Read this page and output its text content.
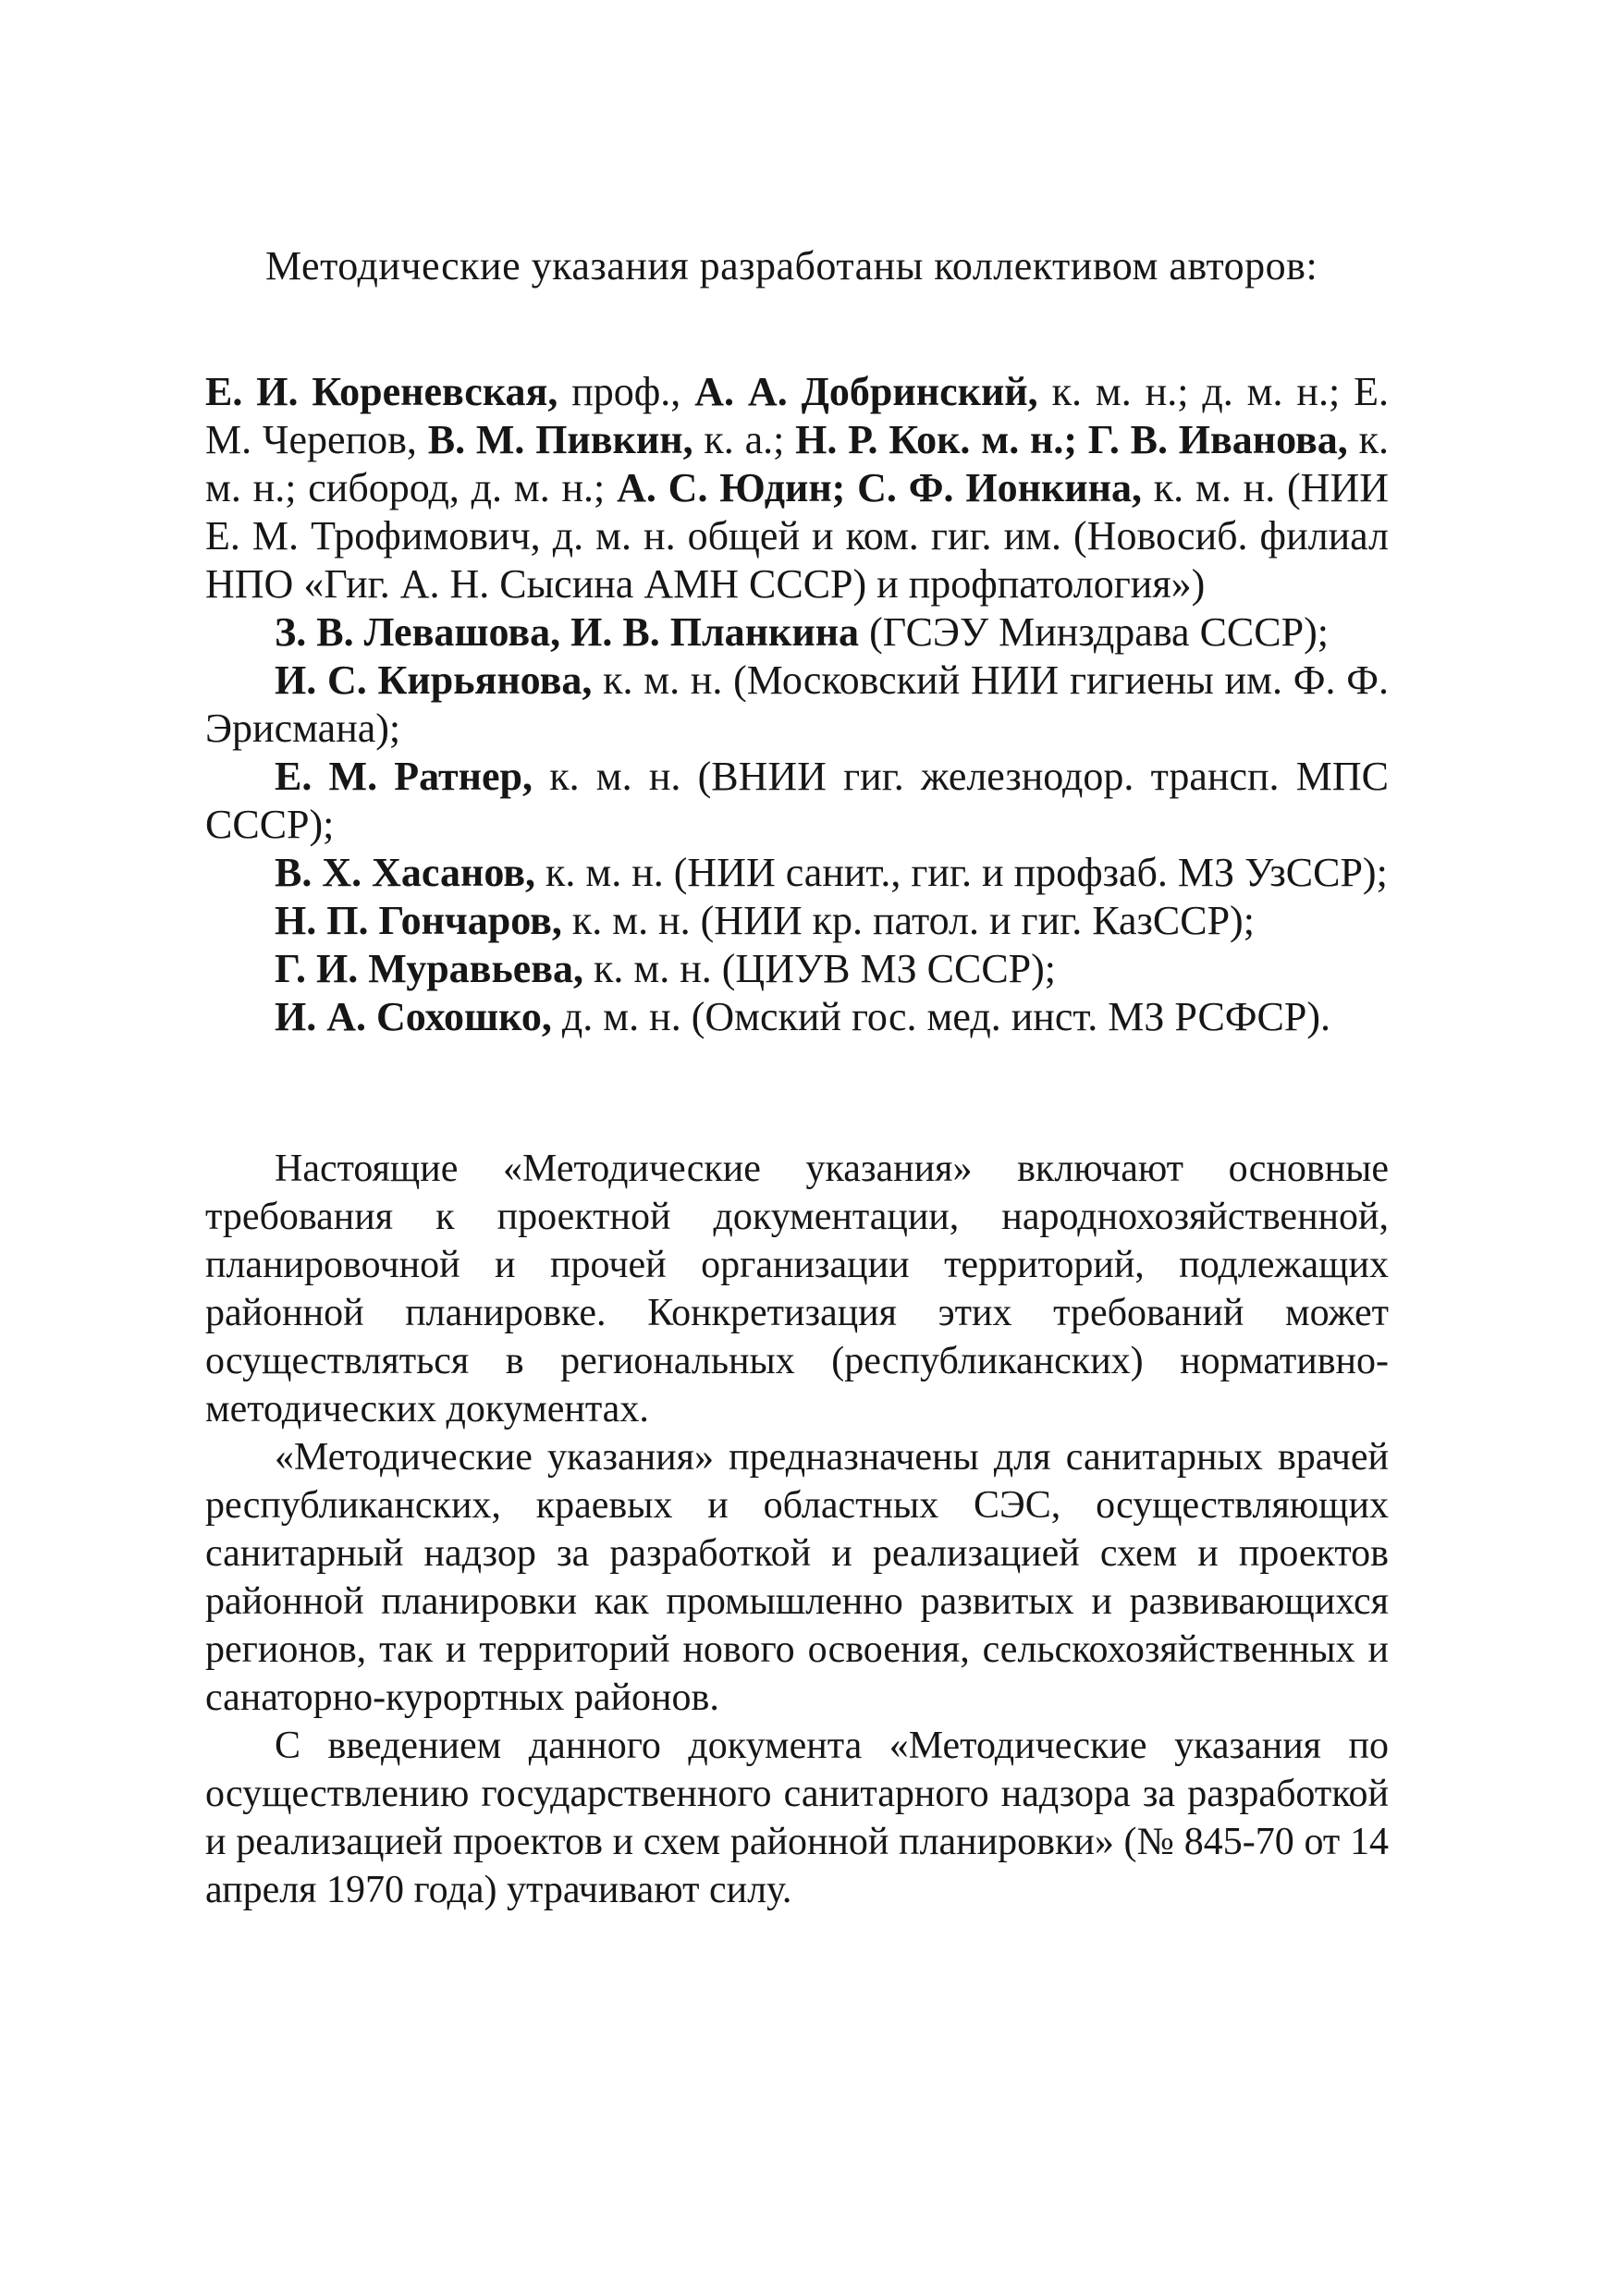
Методические указания разработаны коллективом авторов:

Е. И. Кореневская, проф., А. А. Добринский, к. м. н.; д. м. н.; Е. М. Черепов, В. М. Пивкин, к. а.; Н. Р. Кок. м. н.; Г. В. Иванова, к. м. н.; сибород, д. м. н.; А. С. Юдин; С. Ф. Ионкина, к. м. н. (НИИ Е. М. Трофимович, д. м. н. общей и ком. гиг. им. (Новосиб. филиал НПО «Гиг. А. Н. Сысина АМН СССР) и профпатология»)

З. В. Левашова, И. В. Планкина (ГСЭУ Минздрава СССР);

И. С. Кирьянова, к. м. н. (Московский НИИ гигиены им. Ф. Ф. Эрисмана);

Е. М. Ратнер, к. м. н. (ВНИИ гиг. железнодор. трансп. МПС СССР);

В. Х. Хасанов, к. м. н. (НИИ санит., гиг. и профзаб. МЗ УзССР);

Н. П. Гончаров, к. м. н. (НИИ кр. патол. и гиг. КазССР);

Г. И. Муравьева, к. м. н. (ЦИУВ МЗ СССР);

И. А. Сохошко, д. м. н. (Омский гос. мед. инст. МЗ РСФСР).

Настоящие «Методические указания» включают основные требования к проектной документации, народнохозяйственной, планировочной и прочей организации территорий, подлежащих районной планировке. Конкретизация этих требований может осуществляться в региональных (республиканских) нормативно-методических документах.

«Методические указания» предназначены для санитарных врачей республиканских, краевых и областных СЭС, осуществляющих санитарный надзор за разработкой и реализацией схем и проектов районной планировки как промышленно развитых и развивающихся регионов, так и территорий нового освоения, сельскохозяйственных и санаторно-курортных районов.

С введением данного документа «Методические указания по осуществлению государственного санитарного надзора за разработкой и реализацией проектов и схем районной планировки» (№ 845-70 от 14 апреля 1970 года) утрачивают силу.
